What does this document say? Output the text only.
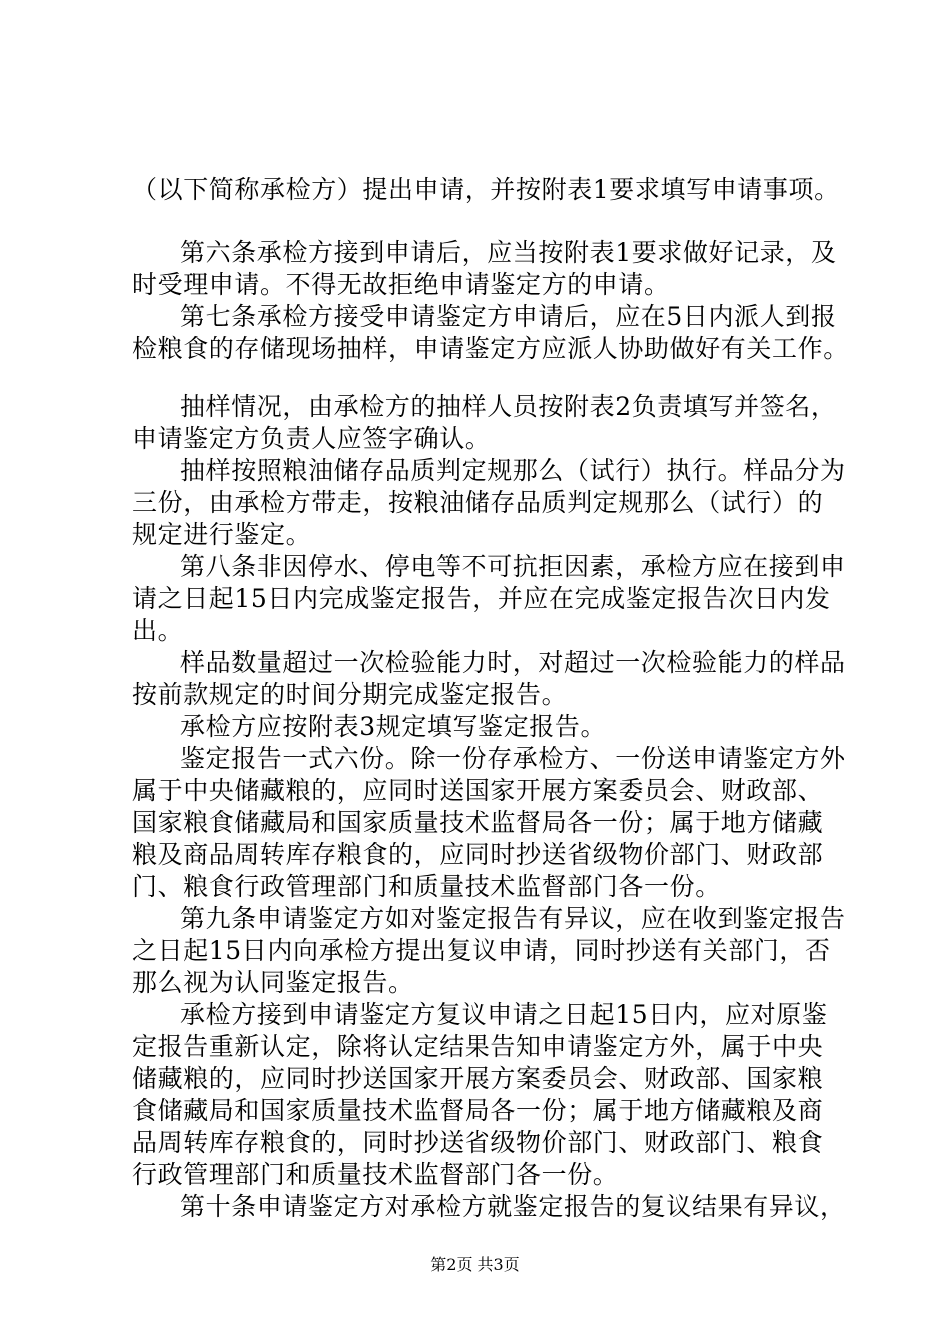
（以下简称承检方）提出申请，并按附表1要求填写申请事项。
第六条承检方接到申请后，应当按附表1要求做好记录，及
时受理申请。不得无故拒绝申请鉴定方的申请。
第七条承检方接受申请鉴定方申请后，应在5日内派人到报
检粮食的存储现场抽样，申请鉴定方应派人协助做好有关工作。
抽样情况，由承检方的抽样人员按附表2负责填写并签名，
申请鉴定方负责人应签字确认。
抽样按照粮油储存品质判定规那么（试行）执行。样品分为
三份，由承检方带走，按粮油储存品质判定规那么（试行）的
规定进行鉴定。
第八条非因停水、停电等不可抗拒因素，承检方应在接到申
请之日起15日内完成鉴定报告，并应在完成鉴定报告次日内发
出。
样品数量超过一次检验能力时，对超过一次检验能力的样品
按前款规定的时间分期完成鉴定报告。
承检方应按附表3规定填写鉴定报告。
鉴定报告一式六份。除一份存承检方、一份送申请鉴定方外
属于中央储藏粮的，应同时送国家开展方案委员会、财政部、
国家粮食储藏局和国家质量技术监督局各一份；属于地方储藏
粮及商品周转库存粮食的，应同时抄送省级物价部门、财政部
门、粮食行政管理部门和质量技术监督部门各一份。
第九条申请鉴定方如对鉴定报告有异议，应在收到鉴定报告
之日起15日内向承检方提出复议申请，同时抄送有关部门，否
那么视为认同鉴定报告。
承检方接到申请鉴定方复议申请之日起15日内，应对原鉴
定报告重新认定，除将认定结果告知申请鉴定方外，属于中央
储藏粮的，应同时抄送国家开展方案委员会、财政部、国家粮
食储藏局和国家质量技术监督局各一份；属于地方储藏粮及商
品周转库存粮食的，同时抄送省级物价部门、财政部门、粮食
行政管理部门和质量技术监督部门各一份。
第十条申请鉴定方对承检方就鉴定报告的复议结果有异议，
第2页 共3页
